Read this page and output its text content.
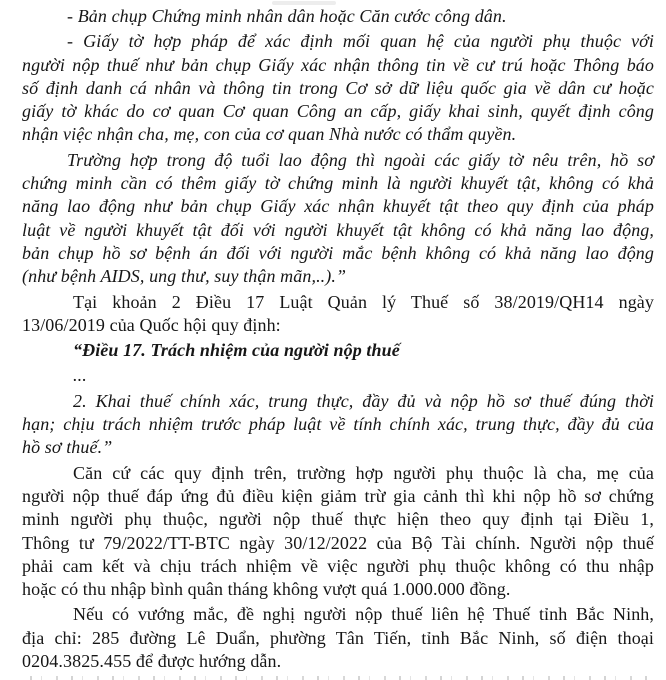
- Bản chụp Chứng minh nhân dân hoặc Căn cước công dân.
- Giấy tờ hợp pháp để xác định mối quan hệ của người phụ thuộc với
người nộp thuế như bản chụp Giấy xác nhận thông tin về cư trú hoặc Thông báo
số định danh cá nhân và thông tin trong Cơ sở dữ liệu quốc gia về dân cư hoặc
giấy tờ khác do cơ quan Cơ quan Công an cấp, giấy khai sinh, quyết định công
nhận việc nhận cha, mẹ, con của cơ quan Nhà nước có thẩm quyền.
Trường hợp trong độ tuổi lao động thì ngoài các giấy tờ nêu trên, hồ sơ
chứng minh cần có thêm giấy tờ chứng minh là người khuyết tật, không có khả
năng lao động như bản chụp Giấy xác nhận khuyết tật theo quy định của pháp
luật về người khuyết tật đối với người khuyết tật không có khả năng lao động,
bản chụp hồ sơ bệnh án đối với người mắc bệnh không có khả năng lao động
(như bệnh AIDS, ung thư, suy thận mãn,..).”
Tại khoản 2 Điều 17 Luật Quản lý Thuế số 38/2019/QH14 ngày
13/06/2019 của Quốc hội quy định:
“Điều 17. Trách nhiệm của người nộp thuế
...
2. Khai thuế chính xác, trung thực, đầy đủ và nộp hồ sơ thuế đúng thời
hạn; chịu trách nhiệm trước pháp luật về tính chính xác, trung thực, đầy đủ của
hồ sơ thuế.”
Căn cứ các quy định trên, trường hợp người phụ thuộc là cha, mẹ của
người nộp thuế đáp ứng đủ điều kiện giảm trừ gia cảnh thì khi nộp hồ sơ chứng
minh người phụ thuộc, người nộp thuế thực hiện theo quy định tại Điều 1,
Thông tư 79/2022/TT-BTC ngày 30/12/2022 của Bộ Tài chính. Người nộp thuế
phải cam kết và chịu trách nhiệm về việc người phụ thuộc không có thu nhập
hoặc có thu nhập bình quân tháng không vượt quá 1.000.000 đồng.
Nếu có vướng mắc, đề nghị người nộp thuế liên hệ Thuế tỉnh Bắc Ninh,
địa chỉ: 285 đường Lê Duẩn, phường Tân Tiến, tỉnh Bắc Ninh, số điện thoại
0204.3825.455 để được hướng dẫn.
